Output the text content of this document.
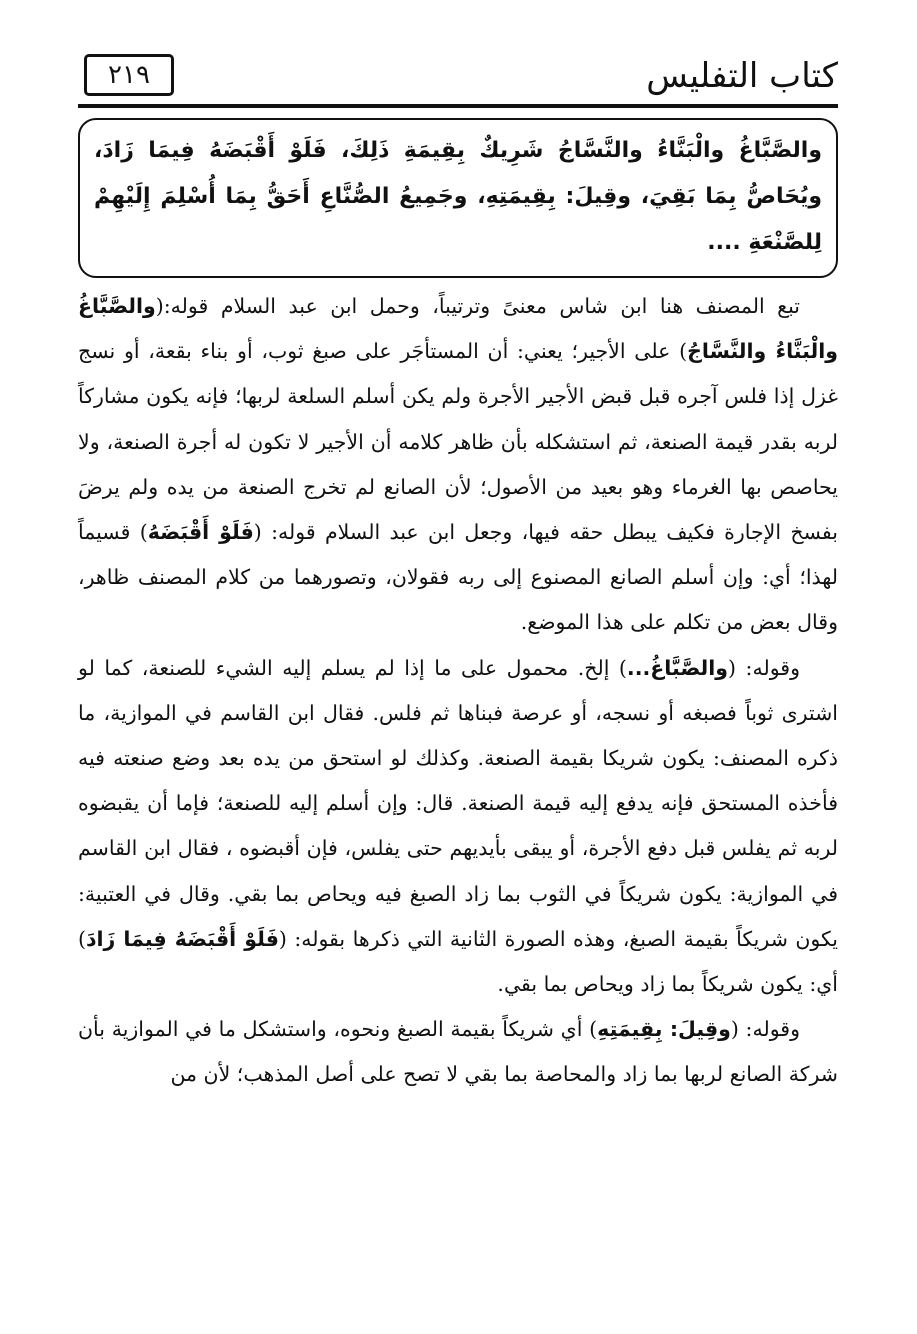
كتاب التفليس
٢١٩
والصَّبَّاغُ والْبَنَّاءُ والنَّسَّاجُ شَرِيكٌ بِقِيمَةِ ذَلِكَ، فَلَوْ أَقْبَضَهُ فِيمَا زَادَ، ويُحَاصُّ بِمَا بَقِيَ، وقِيلَ: بِقِيمَتِهِ، وجَمِيعُ الصُّنَّاعِ أَحَقُّ بِمَا أُسْلِمَ إِلَيْهِمْ لِلصَّنْعَةِ ....

تبع المصنف هنا ابن شاس معنىً وترتيباً، وحمل ابن عبد السلام قوله:(والصَّبَّاغُ والْبَنَّاءُ والنَّسَّاجُ) على الأجير؛ يعني: أن المستأجَر على صبغ ثوب، أو بناء بقعة، أو نسج غزل إذا فلس آجره قبل قبض الأجير الأجرة ولم يكن أسلم السلعة لربها؛ فإنه يكون مشاركاً لربه بقدر قيمة الصنعة، ثم استشكله بأن ظاهر كلامه أن الأجير لا تكون له أجرة الصنعة، ولا يحاصص بها الغرماء وهو بعيد من الأصول؛ لأن الصانع لم تخرج الصنعة من يده ولم يرضَ بفسخ الإجارة فكيف يبطل حقه فيها، وجعل ابن عبد السلام قوله: (فَلَوْ أَقْبَضَهُ) قسيماً لهذا؛ أي: وإن أسلم الصانع المصنوع إلى ربه فقولان، وتصورهما من كلام المصنف ظاهر، وقال بعض من تكلم على هذا الموضع.

وقوله: (والصَّبَّاغُ...) إلخ. محمول على ما إذا لم يسلم إليه الشيء للصنعة، كما لو اشترى ثوباً فصبغه أو نسجه، أو عرصة فبناها ثم فلس. فقال ابن القاسم في الموازية، ما ذكره المصنف: يكون شريكا بقيمة الصنعة. وكذلك لو استحق من يده بعد وضع صنعته فيه فأخذه المستحق فإنه يدفع إليه قيمة الصنعة. قال: وإن أسلم إليه للصنعة؛ فإما أن يقبضوه لربه ثم يفلس قبل دفع الأجرة، أو يبقى بأيديهم حتى يفلس، فإن أقبضوه ، فقال ابن القاسم في الموازية: يكون شريكاً في الثوب بما زاد الصبغ فيه ويحاص بما بقي. وقال في العتبية: يكون شريكاً بقيمة الصبغ، وهذه الصورة الثانية التي ذكرها بقوله: (فَلَوْ أَقْبَضَهُ فِيمَا زَادَ) أي: يكون شريكاً بما زاد ويحاص بما بقي.

وقوله: (وقِيلَ: بِقِيمَتِهِ) أي شريكاً بقيمة الصبغ ونحوه، واستشكل ما في الموازية بأن شركة الصانع لربها بما زاد والمحاصة بما بقي لا تصح على أصل المذهب؛ لأن من
